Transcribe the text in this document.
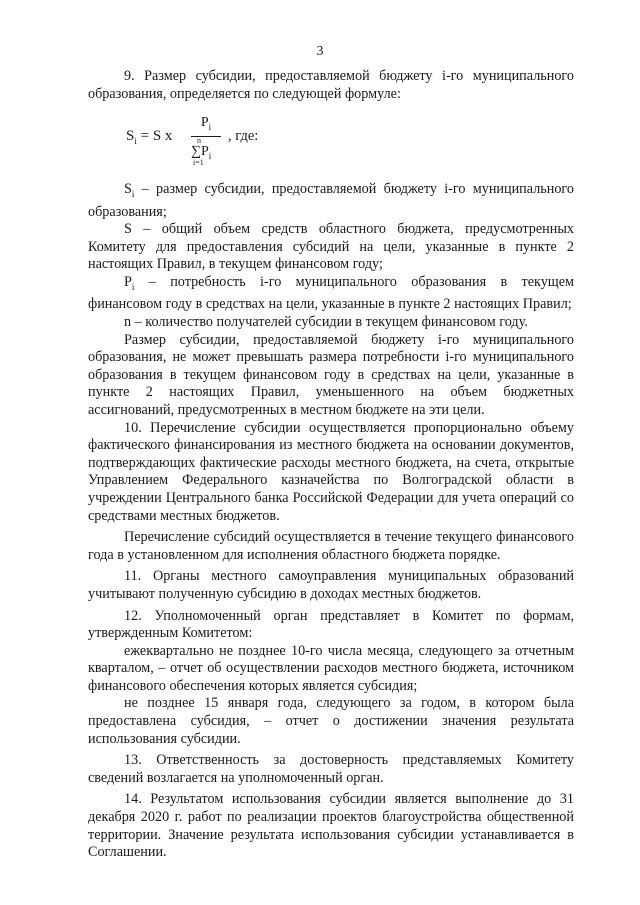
3

9. Размер субсидии, предоставляемой бюджету i-го муниципального образования, определяется по следующей формуле:

$S_i = S$ x
$P_i$
n
$\sum P_i$
i=1
, где:

$S_i$ – размер субсидии, предоставляемой бюджету i-го муниципального образования;

S – общий объем средств областного бюджета, предусмотренных Комитету для предоставления субсидий на цели, указанные в пункте 2 настоящих Правил, в текущем финансовом году;

$P_i$ – потребность i-го муниципального образования в текущем финансовом году в средствах на цели, указанные в пункте 2 настоящих Правил;

n – количество получателей субсидии в текущем финансовом году.

Размер субсидии, предоставляемой бюджету i-го муниципального образования, не может превышать размера потребности i-го муниципального образования в текущем финансовом году в средствах на цели, указанные в пункте 2 настоящих Правил, уменьшенного на объем бюджетных ассигнований, предусмотренных в местном бюджете на эти цели.

10. Перечисление субсидии осуществляется пропорционально объему фактического финансирования из местного бюджета на основании документов, подтверждающих фактические расходы местного бюджета, на счета, открытые Управлением Федерального казначейства по Волгоградской области в учреждении Центрального банка Российской Федерации для учета операций со средствами местных бюджетов.

Перечисление субсидий осуществляется в течение текущего финансового года в установленном для исполнения областного бюджета порядке.

11. Органы местного самоуправления муниципальных образований учитывают полученную субсидию в доходах местных бюджетов.

12. Уполномоченный орган представляет в Комитет по формам, утвержденным Комитетом:

ежеквартально не позднее 10-го числа месяца, следующего за отчетным кварталом, – отчет об осуществлении расходов местного бюджета, источником финансового обеспечения которых является субсидия;

не позднее 15 января года, следующего за годом, в котором была предоставлена субсидия, – отчет о достижении значения результата использования субсидии.

13. Ответственность за достоверность представляемых Комитету сведений возлагается на уполномоченный орган.

14. Результатом использования субсидии является выполнение до 31 декабря 2020 г. работ по реализации проектов благоустройства общественной территории. Значение результата использования субсидии устанавливается в Соглашении.
